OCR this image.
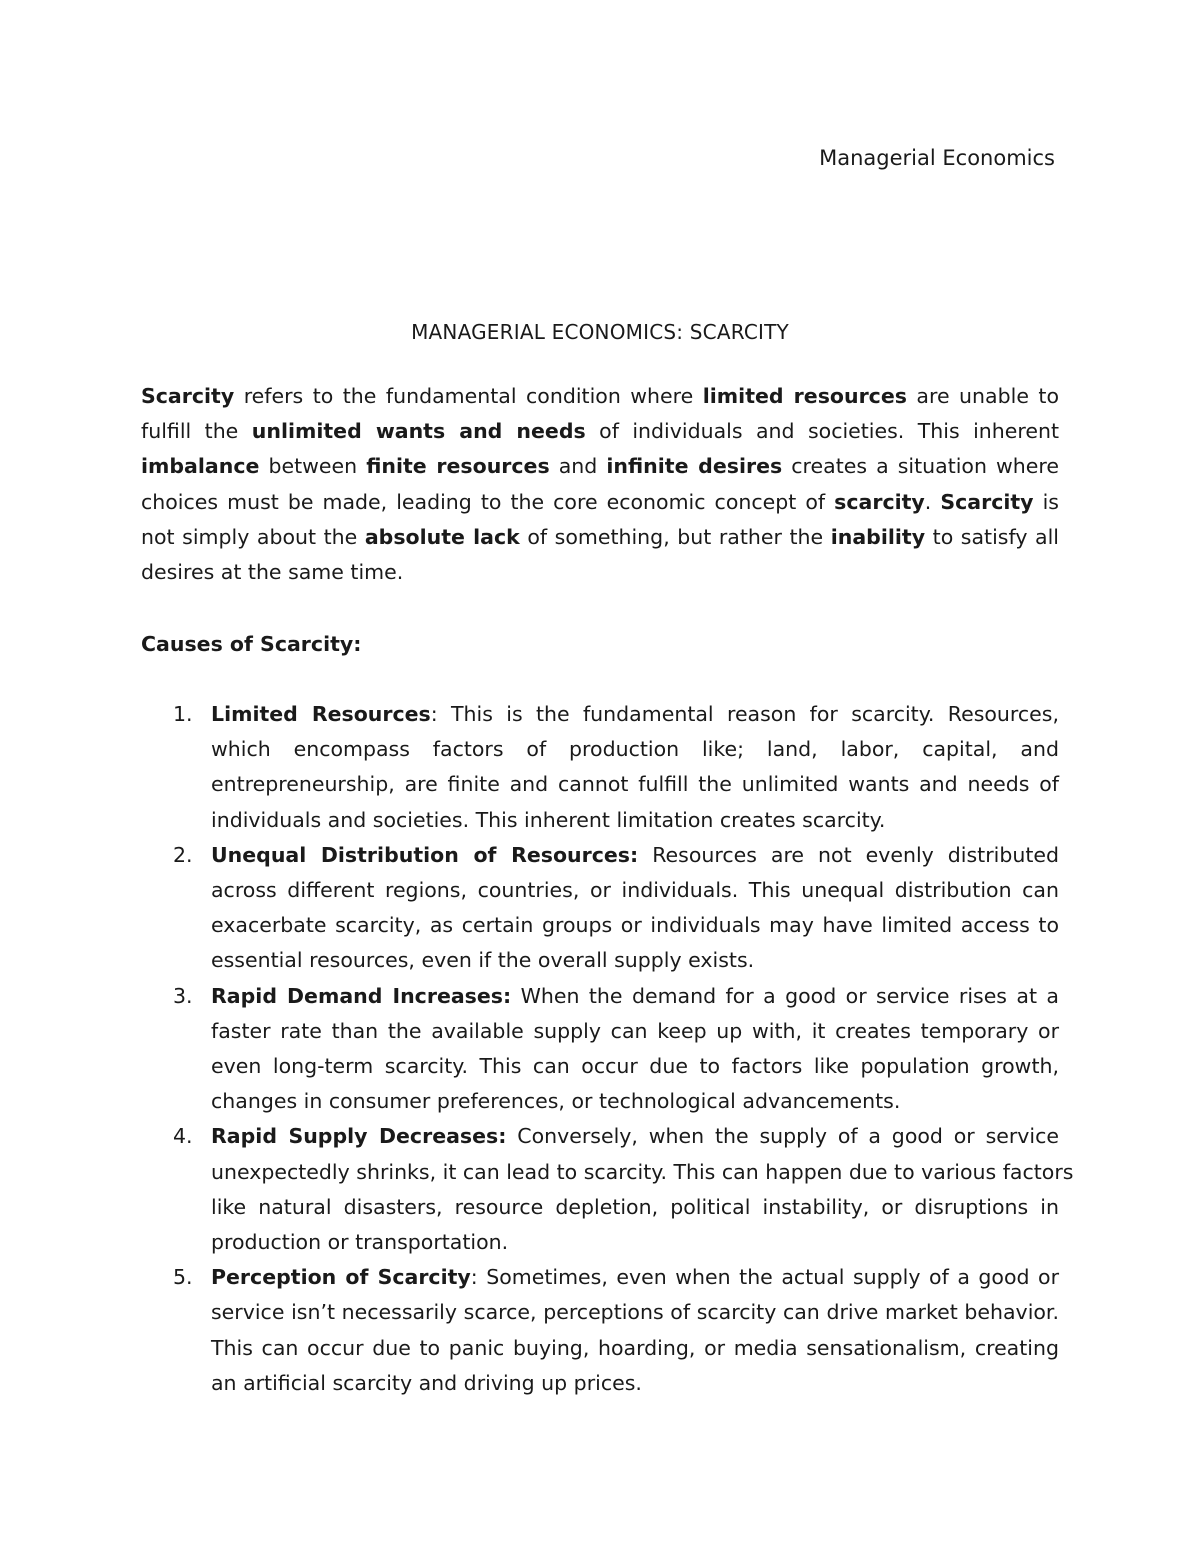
Managerial Economics
MANAGERIAL ECONOMICS: SCARCITY

Scarcity refers to the fundamental condition where limited resources are unable to
fulfill the unlimited wants and needs of individuals and societies. This inherent
imbalance between finite resources and infinite desires creates a situation where
choices must be made, leading to the core economic concept of scarcity. Scarcity is
not simply about the absolute lack of something, but rather the inability to satisfy all
desires at the same time.

Causes of Scarcity:

1. Limited Resources: This is the fundamental reason for scarcity. Resources,
which encompass factors of production like; land, labor, capital, and
entrepreneurship, are finite and cannot fulfill the unlimited wants and needs of
individuals and societies. This inherent limitation creates scarcity.
2. Unequal Distribution of Resources: Resources are not evenly distributed
across different regions, countries, or individuals. This unequal distribution can
exacerbate scarcity, as certain groups or individuals may have limited access to
essential resources, even if the overall supply exists.
3. Rapid Demand Increases: When the demand for a good or service rises at a
faster rate than the available supply can keep up with, it creates temporary or
even long-term scarcity. This can occur due to factors like population growth,
changes in consumer preferences, or technological advancements.
4. Rapid Supply Decreases: Conversely, when the supply of a good or service
unexpectedly shrinks, it can lead to scarcity. This can happen due to various factors
like natural disasters, resource depletion, political instability, or disruptions in
production or transportation.
5. Perception of Scarcity: Sometimes, even when the actual supply of a good or
service isn’t necessarily scarce, perceptions of scarcity can drive market behavior.
This can occur due to panic buying, hoarding, or media sensationalism, creating
an artificial scarcity and driving up prices.
